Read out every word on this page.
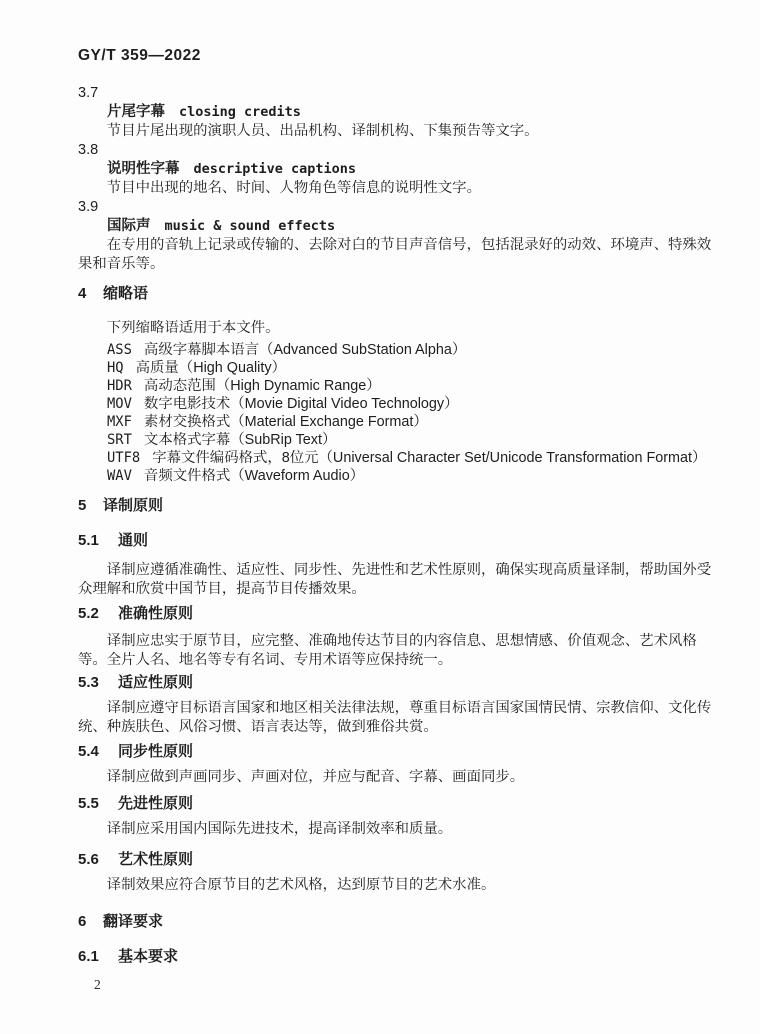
GY/T 359—2022
3.7
片尾字幕 closing credits
节目片尾出现的演职人员、出品机构、译制机构、下集预告等文字。
3.8
说明性字幕 descriptive captions
节目中出现的地名、时间、人物角色等信息的说明性文字。
3.9
国际声 music & sound effects
在专用的音轨上记录或传输的、去除对白的节目声音信号，包括混录好的动效、环境声、特殊效果和音乐等。
4 缩略语
下列缩略语适用于本文件。
ASS 高级字幕脚本语言（Advanced SubStation Alpha）
HQ 高质量（High Quality）
HDR 高动态范围（High Dynamic Range）
MOV 数字电影技术（Movie Digital Video Technology）
MXF 素材交换格式（Material Exchange Format）
SRT 文本格式字幕（SubRip Text）
UTF8 字幕文件编码格式，8位元（Universal Character Set/Unicode Transformation Format）
WAV 音频文件格式（Waveform Audio）
5 译制原则
5.1 通则
译制应遵循准确性、适应性、同步性、先进性和艺术性原则，确保实现高质量译制，帮助国外受众理解和欣赏中国节目，提高节目传播效果。
5.2 准确性原则
译制应忠实于原节目，应完整、准确地传达节目的内容信息、思想情感、价值观念、艺术风格等。全片人名、地名等专有名词、专用术语等应保持统一。
5.3 适应性原则
译制应遵守目标语言国家和地区相关法律法规，尊重目标语言国家国情民情、宗教信仰、文化传统、种族肤色、风俗习惯、语言表达等，做到雅俗共赏。
5.4 同步性原则
译制应做到声画同步、声画对位，并应与配音、字幕、画面同步。
5.5 先进性原则
译制应采用国内国际先进技术，提高译制效率和质量。
5.6 艺术性原则
译制效果应符合原节目的艺术风格，达到原节目的艺术水准。
6 翻译要求
6.1 基本要求
2
